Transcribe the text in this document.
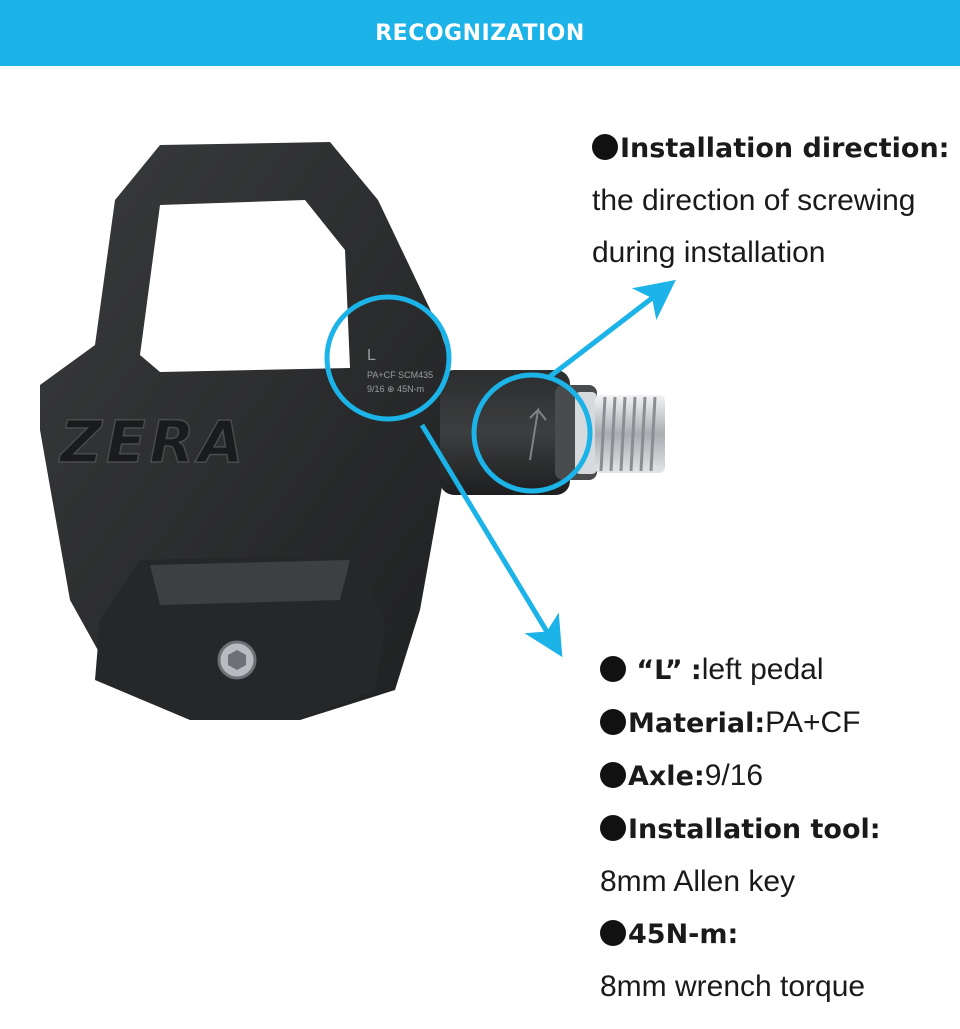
RECOGNIZATION
ZERA
L
PA+CF SCM435
9/16 ⊕ 45N-m
Installation direction:
the direction of screwing
during installation
“L” :left pedal
Material:PA+CF
Axle:9/16
Installation tool:
8mm Allen key
45N-m:
8mm wrench torque
